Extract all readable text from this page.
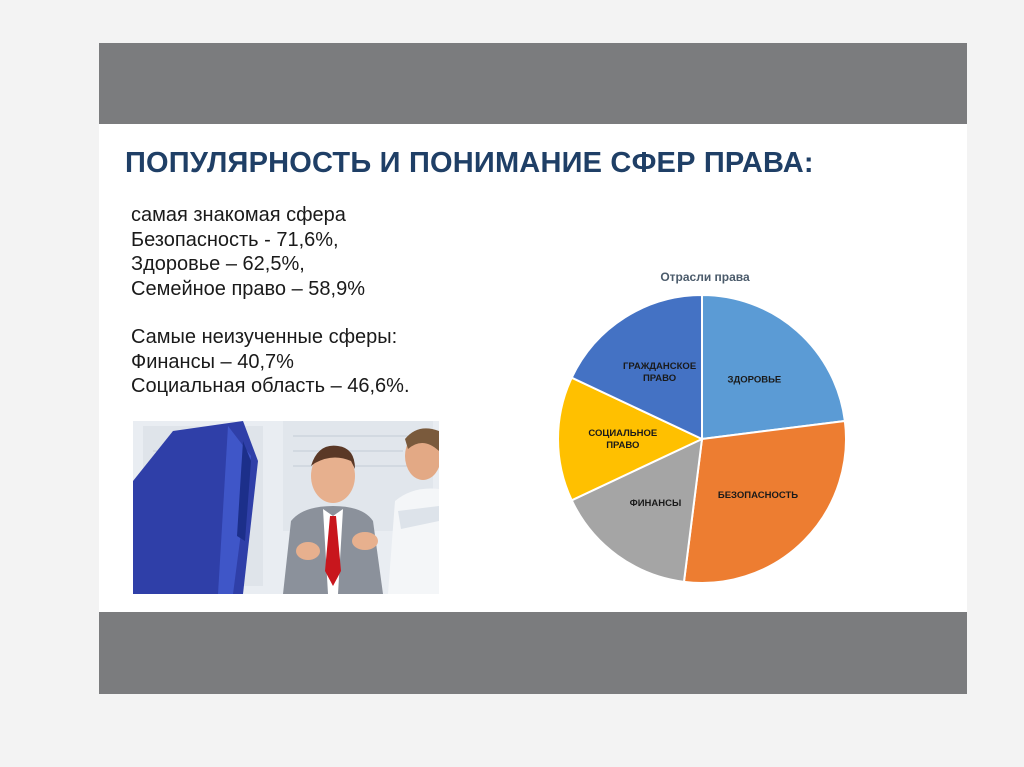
ПОПУЛЯРНОСТЬ И ПОНИМАНИЕ СФЕР ПРАВА:
самая знакомая сфера
Безопасность - 71,6%,
Здоровье – 62,5%,
Семейное право – 58,9%
Самые неизученные сферы:
Финансы – 40,7%
Социальная область – 46,6%.
Отрасли права
ЗДОРОВЬЕ
БЕЗОПАСНОСТЬ
ФИНАНСЫ
СОЦИАЛЬНОЕ ПРАВО
ГРАЖДАНСКОЕ ПРАВО
